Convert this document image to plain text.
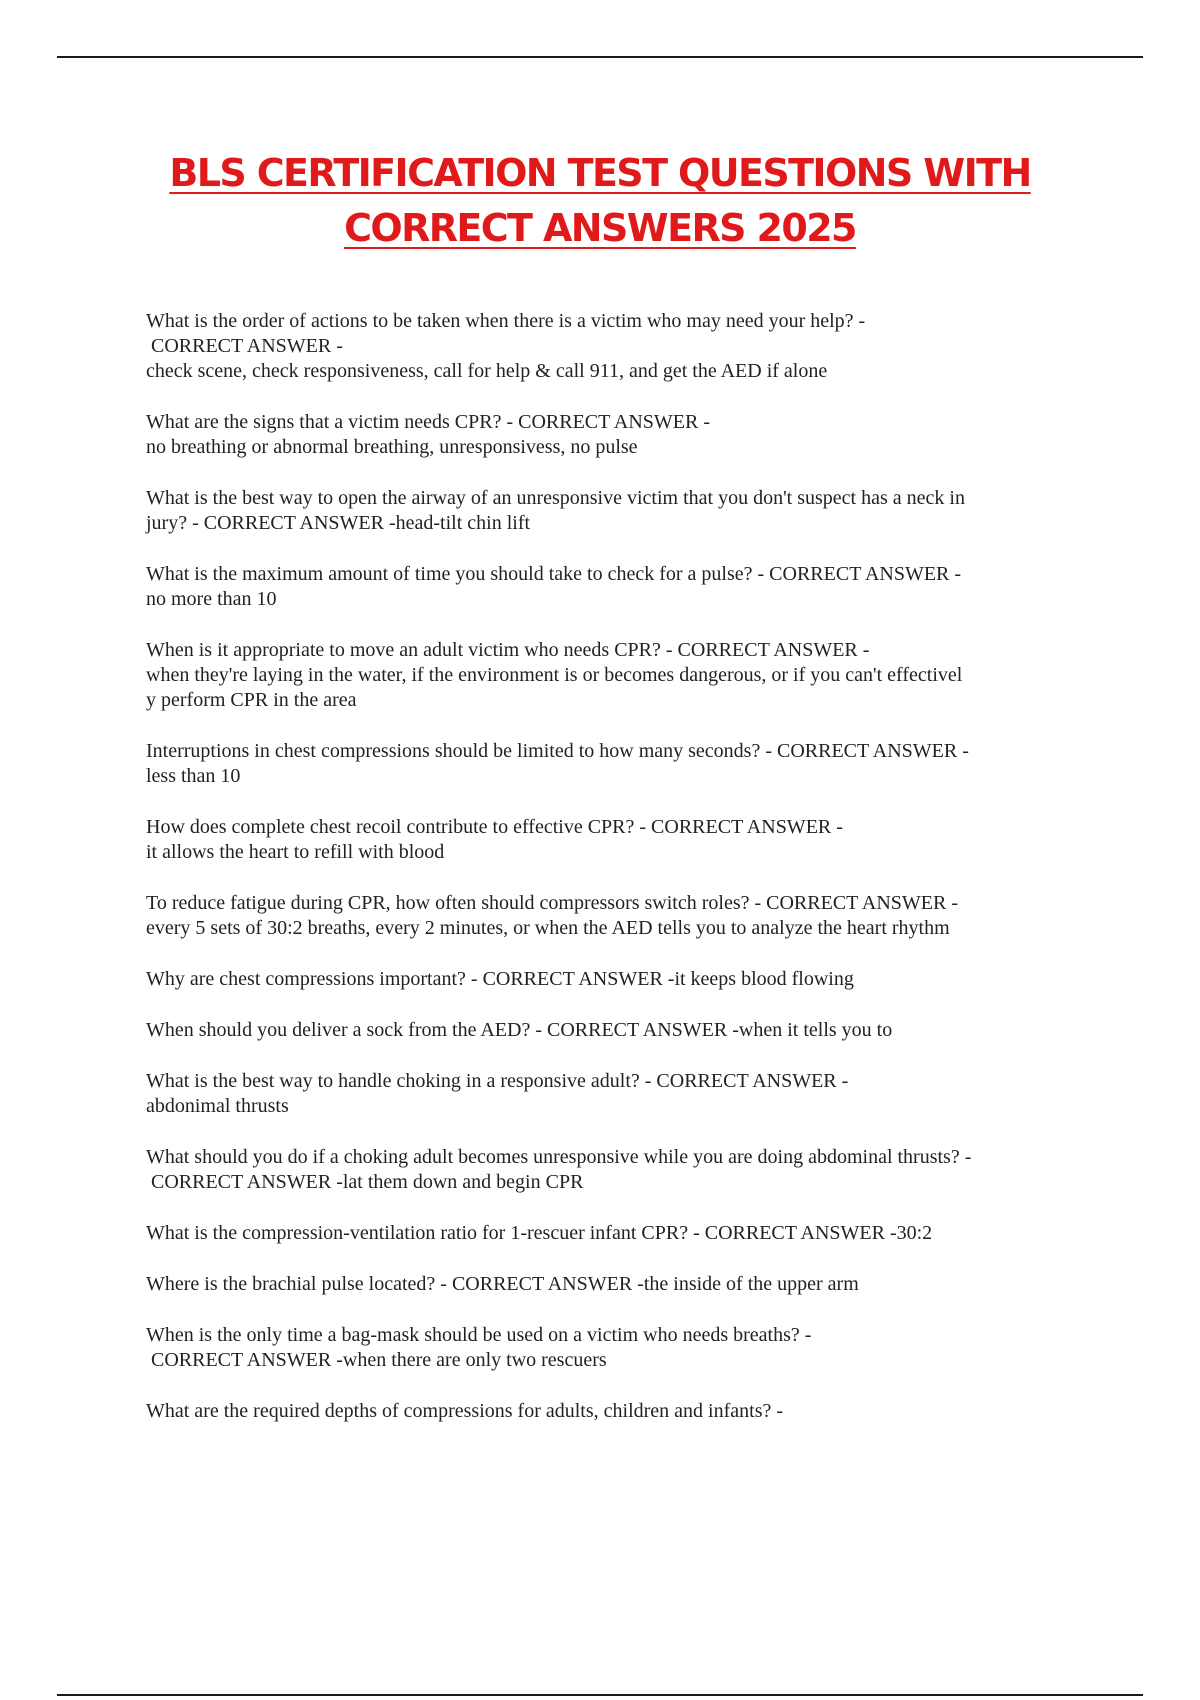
BLS CERTIFICATION TEST QUESTIONS WITH
CORRECT ANSWERS 2025
What is the order of actions to be taken when there is a victim who may need your help? -
CORRECT ANSWER -
check scene, check responsiveness, call for help & call 911, and get the AED if alone
What are the signs that a victim needs CPR? - CORRECT ANSWER -
no breathing or abnormal breathing, unresponsivess, no pulse
What is the best way to open the airway of an unresponsive victim that you don't suspect has a neck in
jury? - CORRECT ANSWER -head-tilt chin lift
What is the maximum amount of time you should take to check for a pulse? - CORRECT ANSWER -
no more than 10
When is it appropriate to move an adult victim who needs CPR? - CORRECT ANSWER -
when they're laying in the water, if the environment is or becomes dangerous, or if you can't effectivel
y perform CPR in the area
Interruptions in chest compressions should be limited to how many seconds? - CORRECT ANSWER -
less than 10
How does complete chest recoil contribute to effective CPR? - CORRECT ANSWER -
it allows the heart to refill with blood
To reduce fatigue during CPR, how often should compressors switch roles? - CORRECT ANSWER -
every 5 sets of 30:2 breaths, every 2 minutes, or when the AED tells you to analyze the heart rhythm
Why are chest compressions important? - CORRECT ANSWER -it keeps blood flowing
When should you deliver a sock from the AED? - CORRECT ANSWER -when it tells you to
What is the best way to handle choking in a responsive adult? - CORRECT ANSWER -
abdonimal thrusts
What should you do if a choking adult becomes unresponsive while you are doing abdominal thrusts? -
CORRECT ANSWER -lat them down and begin CPR
What is the compression-ventilation ratio for 1-rescuer infant CPR? - CORRECT ANSWER -30:2
Where is the brachial pulse located? - CORRECT ANSWER -the inside of the upper arm
When is the only time a bag-mask should be used on a victim who needs breaths? -
CORRECT ANSWER -when there are only two rescuers
What are the required depths of compressions for adults, children and infants? -
